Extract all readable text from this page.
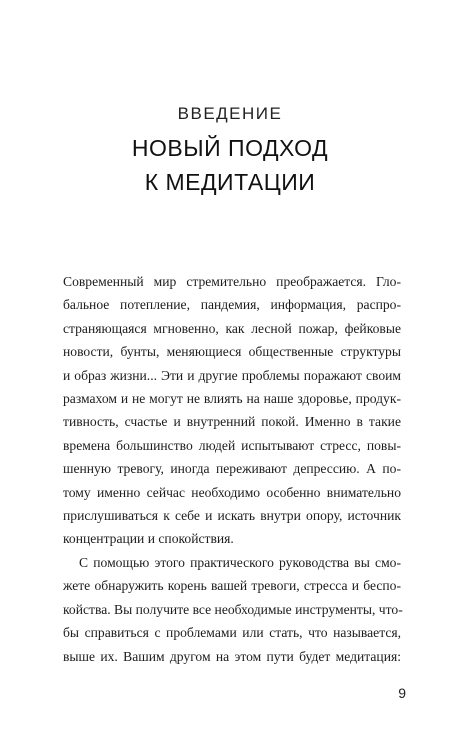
ВВЕДЕНИЕ
НОВЫЙ ПОДХОД
К МЕДИТАЦИИ

Современный мир стремительно преображается. Гло-
бальное потепление, пандемия, информация, распро-
страняющаяся мгновенно, как лесной пожар, фейковые
новости, бунты, меняющиеся общественные структуры
и образ жизни... Эти и другие проблемы поражают своим
размахом и не могут не влиять на наше здоровье, продук-
тивность, счастье и внутренний покой. Именно в такие
времена большинство людей испытывают стресс, повы-
шенную тревогу, иногда переживают депрессию. А по-
тому именно сейчас необходимо особенно внимательно
прислушиваться к себе и искать внутри опору, источник
концентрации и спокойствия.

С помощью этого практического руководства вы смо-
жете обнаружить корень вашей тревоги, стресса и беспо-
койства. Вы получите все необходимые инструменты, что-
бы справиться с проблемами или стать, что называется,
выше их. Вашим другом на этом пути будет медитация:

9
